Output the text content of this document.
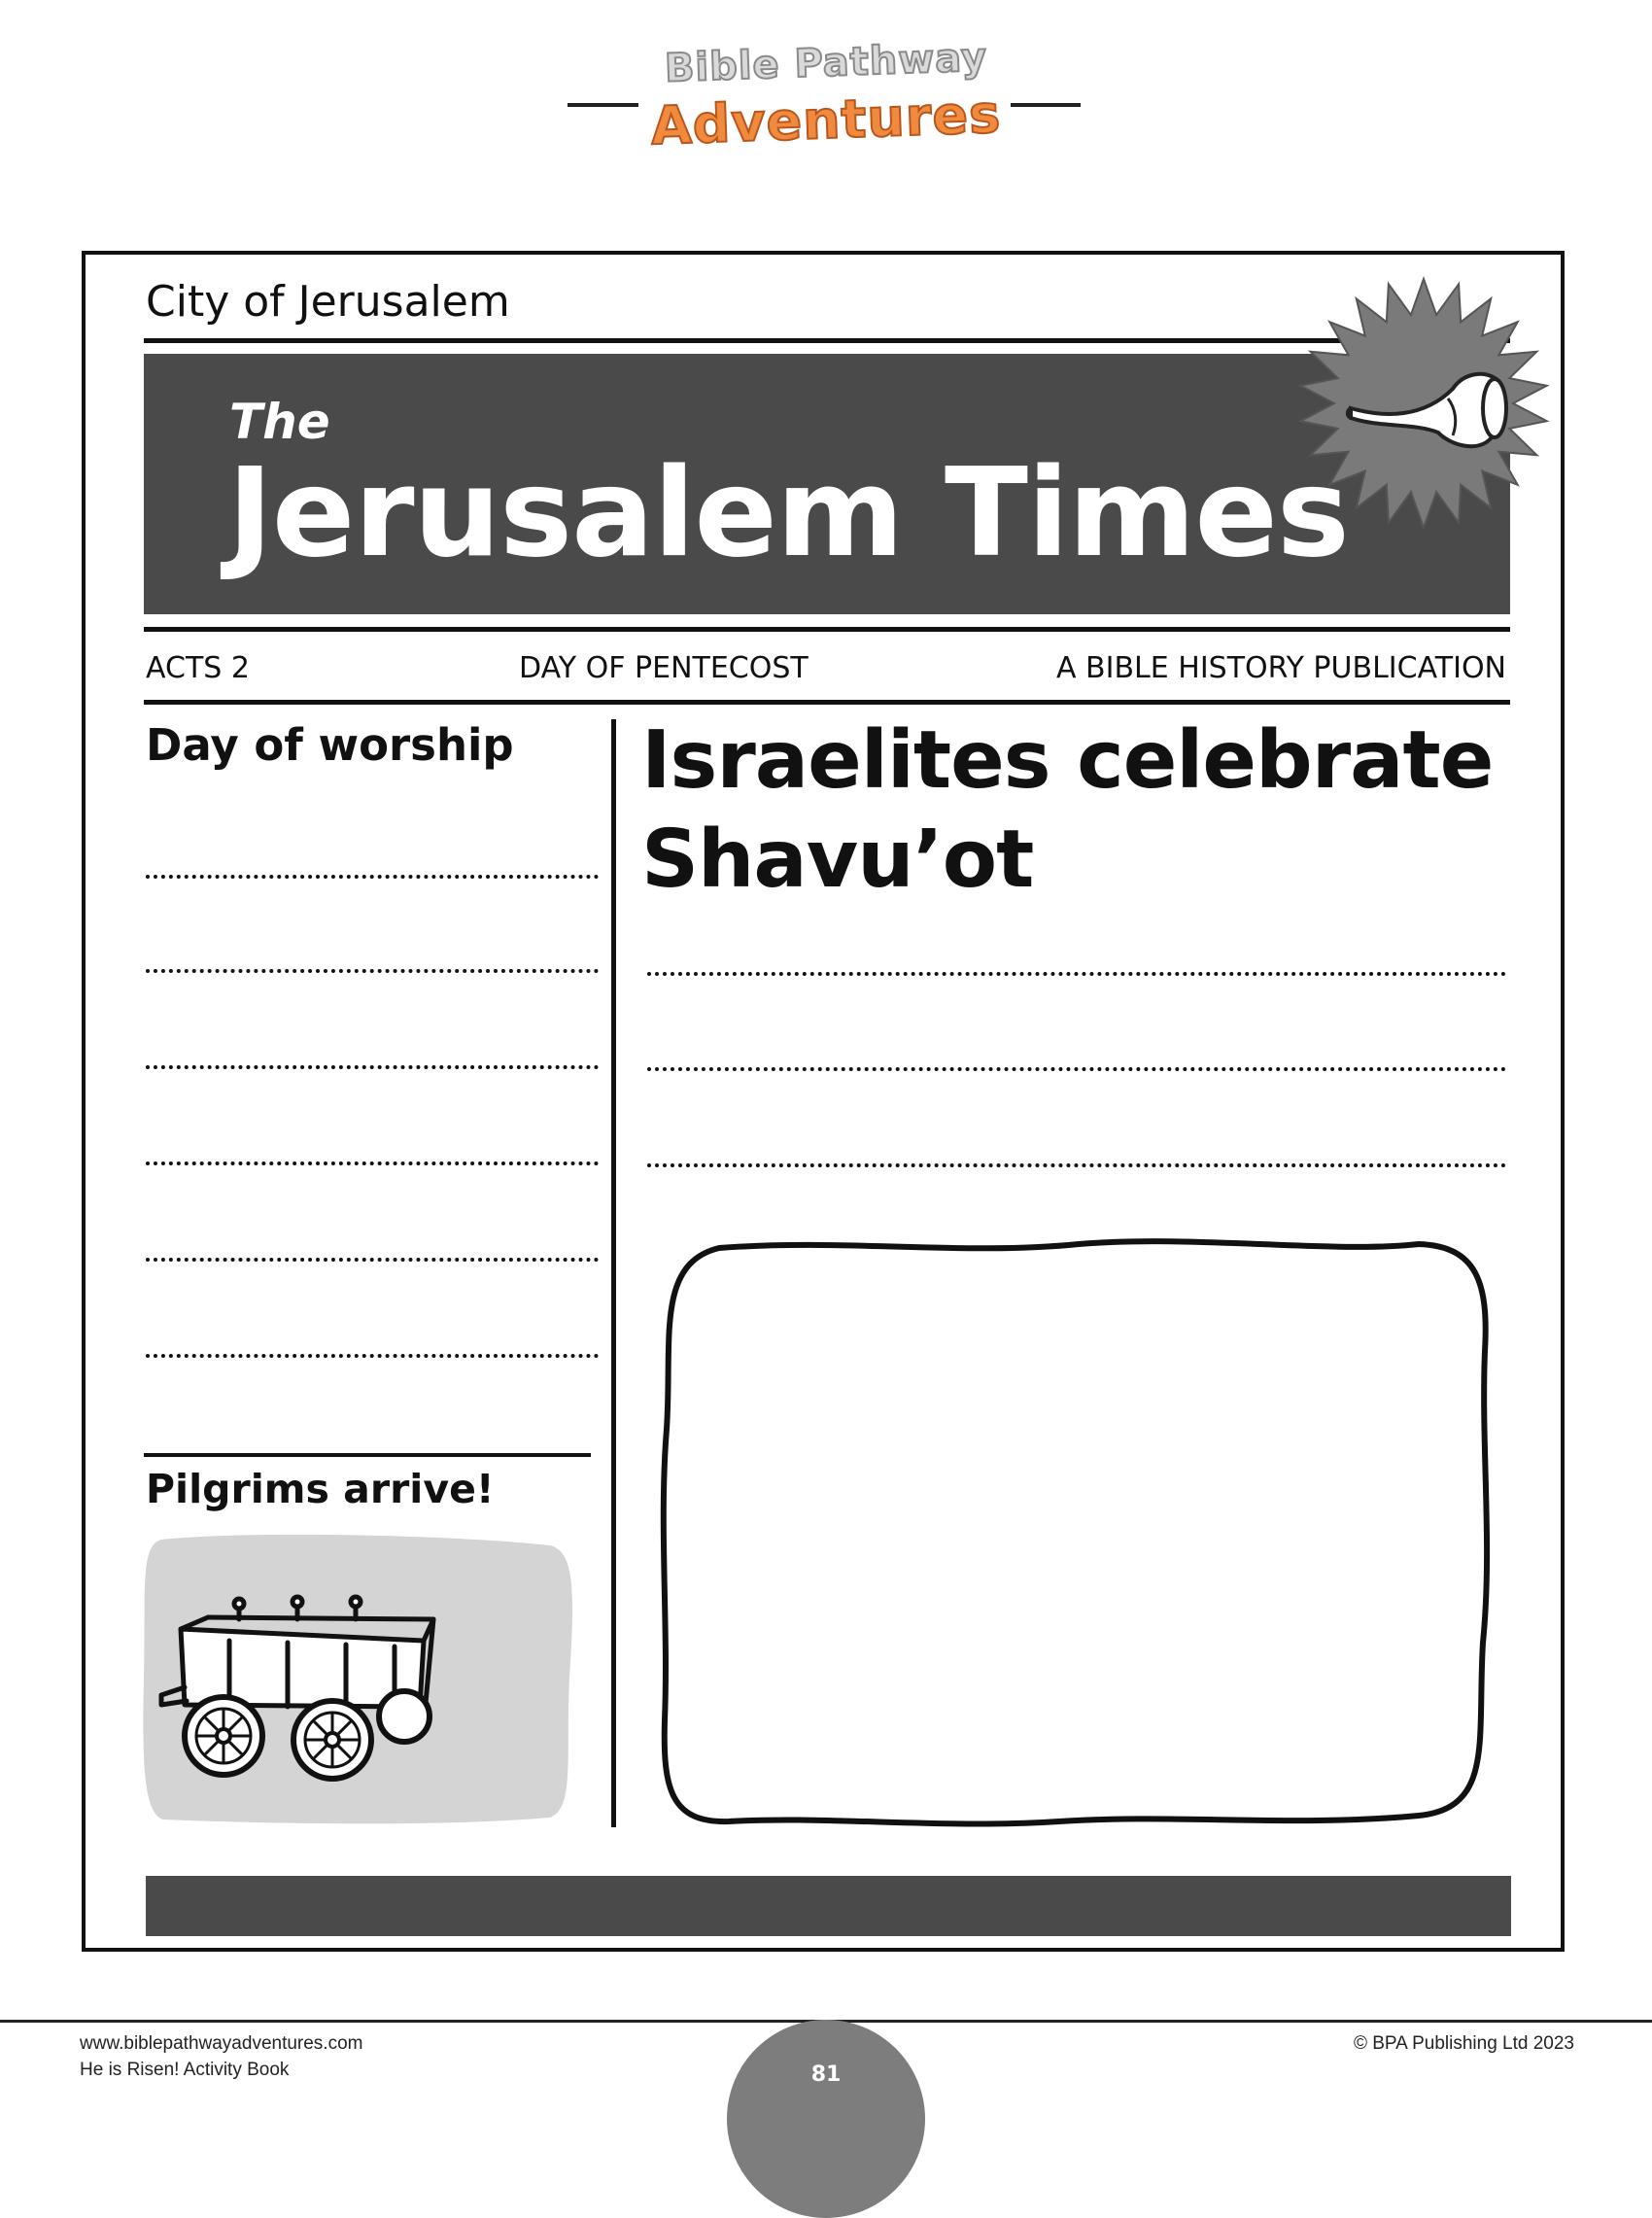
Bible Pathway
Adventures
City of Jerusalem
The
Jerusalem Times
ACTS 2	DAY OF PENTECOST	A BIBLE HISTORY PUBLICATION
Day of worship
Pilgrims arrive!
Israelites celebrate
Shavu’ot
www.biblepathwayadventures.com
He is Risen! Activity Book
© BPA Publishing Ltd 2023
81
